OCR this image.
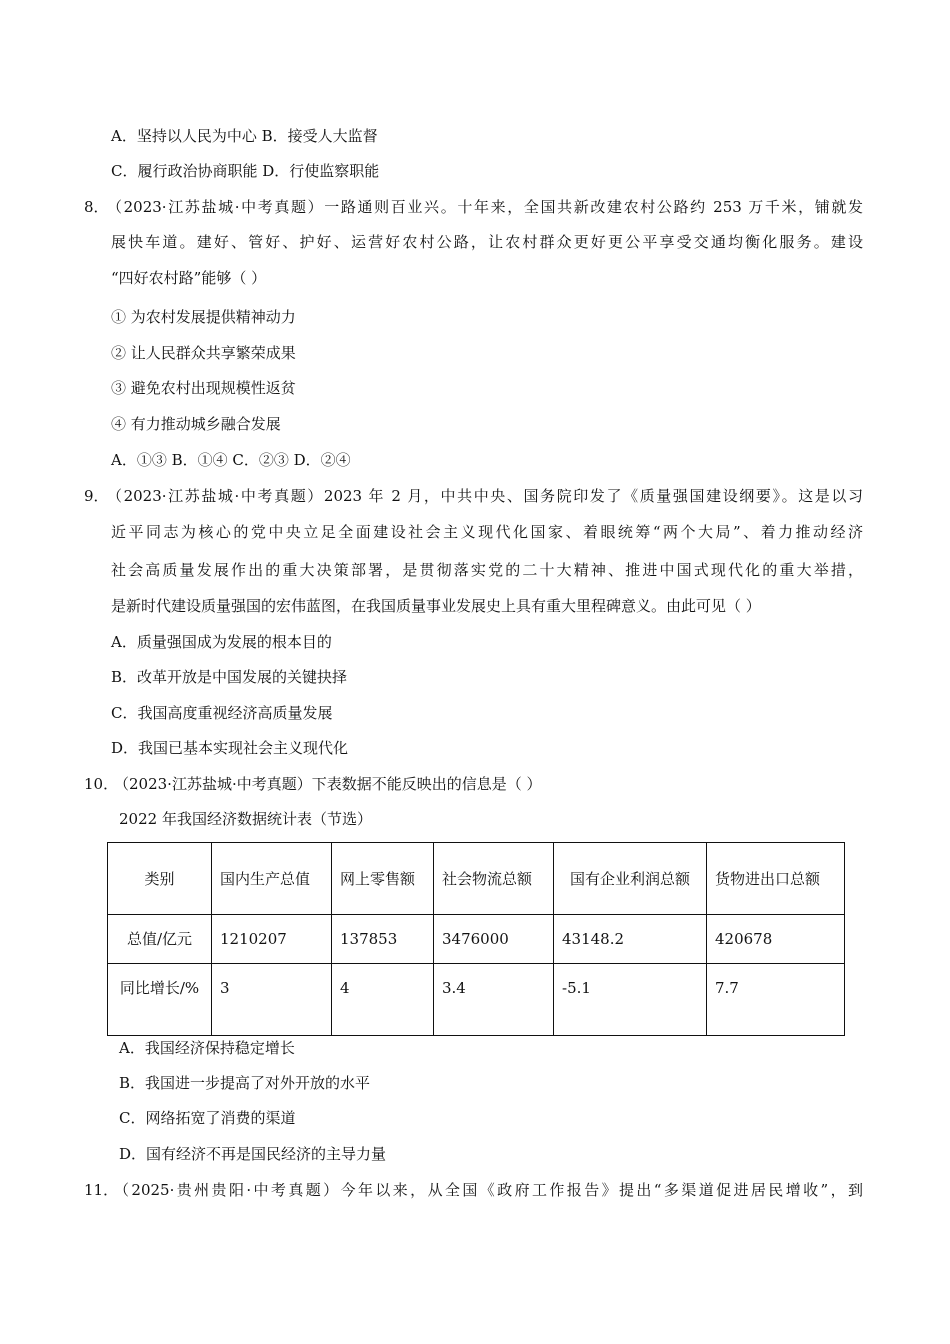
A．坚持以人民为中心 B．接受人大监督
C．履行政治协商职能 D．行使监察职能
8．
（2023·江苏盐城·中考真题）一路通则百业兴。十年来，全国共新改建农村公路约 253 万千米，铺就发
展快车道。建好、管好、护好、运营好农村公路，让农村群众更好更公平享受交通均衡化服务。建设
“四好农村路”能够（ ）
① 为农村发展提供精神动力
② 让人民群众共享繁荣成果
③ 避免农村出现规模性返贫
④ 有力推动城乡融合发展
A．①③ B．①④ C．②③ D．②④
9．
（2023·江苏盐城·中考真题）2023 年 2 月，中共中央、国务院印发了《质量强国建设纲要》。这是以习
近平同志为核心的党中央立足全面建设社会主义现代化国家、着眼统筹“两个大局”、着力推动经济
社会高质量发展作出的重大决策部署，是贯彻落实党的二十大精神、推进中国式现代化的重大举措，
是新时代建设质量强国的宏伟蓝图，在我国质量事业发展史上具有重大里程碑意义。由此可见（ ）
A．质量强国成为发展的根本目的
B．改革开放是中国发展的关键抉择
C．我国高度重视经济高质量发展
D．我国已基本实现社会主义现代化
10．
（2023·江苏盐城·中考真题）下表数据不能反映出的信息是（ ）
2022 年我国经济数据统计表（节选）
类别	国内生产总值	网上零售额	社会物流总额	国有企业利润总额	货物进出口总额
总值/亿元	1210207	137853	3476000	43148.2	420678
同比增长/%	3	4	3.4	-5.1	7.7
A．我国经济保持稳定增长
B．我国进一步提高了对外开放的水平
C．网络拓宽了消费的渠道
D．国有经济不再是国民经济的主导力量
11．
（2025·贵州贵阳·中考真题）今年以来，从全国《政府工作报告》提出“多渠道促进居民增收”，到
